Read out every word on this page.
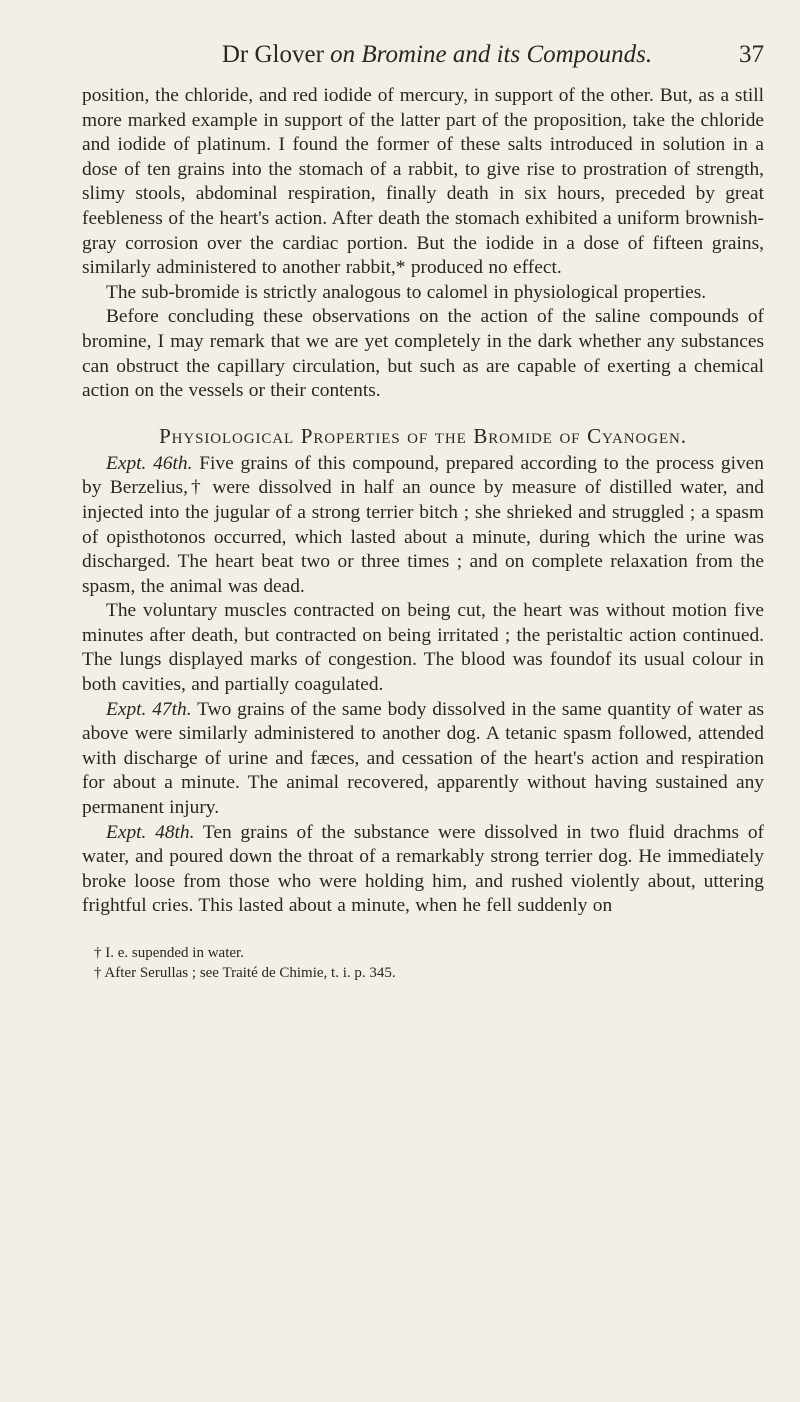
Dr Glover on Bromine and its Compounds.	37

position, the chloride, and red iodide of mercury, in support of the other. But, as a still more marked example in support of the latter part of the proposition, take the chloride and iodide of platinum. I found the former of these salts introduced in solution in a dose of ten grains into the stomach of a rabbit, to give rise to prostration of strength, slimy stools, abdominal respiration, finally death in six hours, preceded by great feebleness of the heart's action. After death the stomach exhibited a uniform brownish-gray corrosion over the cardiac portion. But the iodide in a dose of fifteen grains, similarly administered to another rabbit,* produced no effect.

The sub-bromide is strictly analogous to calomel in physiological properties.

Before concluding these observations on the action of the saline compounds of bromine, I may remark that we are yet completely in the dark whether any substances can obstruct the capillary circulation, but such as are capable of exerting a chemical action on the vessels or their contents.

Physiological Properties of the Bromide of Cyanogen.

Expt. 46th. Five grains of this compound, prepared according to the process given by Berzelius,† were dissolved in half an ounce by measure of distilled water, and injected into the jugular of a strong terrier bitch ; she shrieked and struggled ; a spasm of opisthotonos occurred, which lasted about a minute, during which the urine was discharged. The heart beat two or three times ; and on complete relaxation from the spasm, the animal was dead.

The voluntary muscles contracted on being cut, the heart was without motion five minutes after death, but contracted on being irritated ; the peristaltic action continued. The lungs displayed marks of congestion. The blood was foundof its usual colour in both cavities, and partially coagulated.

Expt. 47th. Two grains of the same body dissolved in the same quantity of water as above were similarly administered to another dog. A tetanic spasm followed, attended with discharge of urine and fæces, and cessation of the heart's action and respiration for about a minute. The animal recovered, apparently without having sustained any permanent injury.

Expt. 48th. Ten grains of the substance were dissolved in two fluid drachms of water, and poured down the throat of a remarkably strong terrier dog. He immediately broke loose from those who were holding him, and rushed violently about, uttering frightful cries. This lasted about a minute, when he fell suddenly on

† I. e. supended in water.

† After Serullas ; see Traité de Chimie, t. i. p. 345.
